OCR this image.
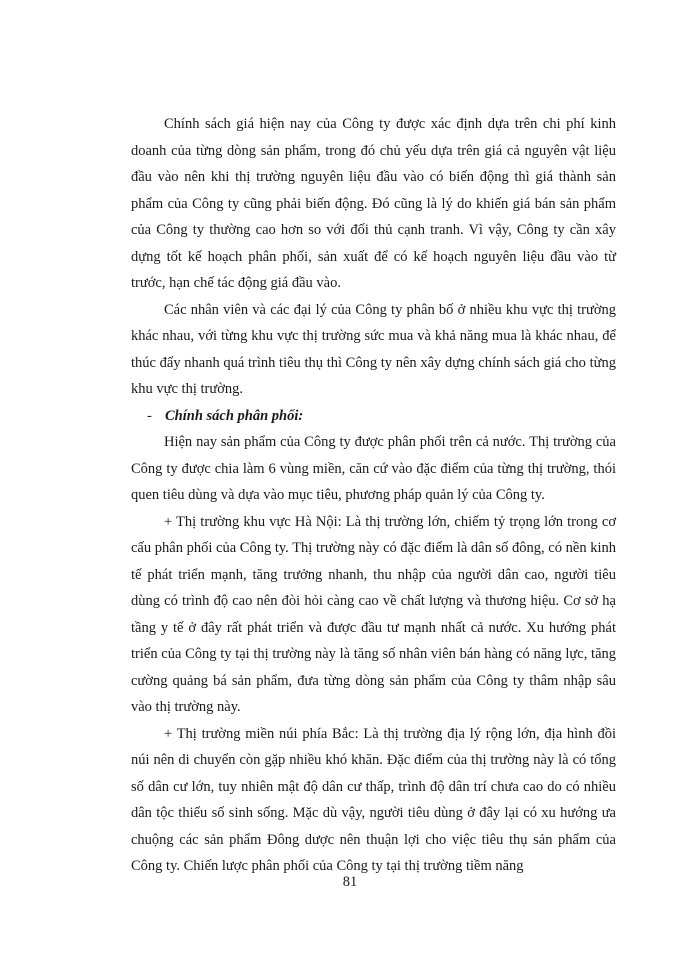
Chính sách giá hiện nay của Công ty được xác định dựa trên chi phí kinh doanh của từng dòng sản phẩm, trong đó chủ yếu dựa trên giá cả nguyên vật liệu đầu vào nên khi thị trường nguyên liệu đầu vào có biến động thì giá thành sản phẩm của Công ty cũng phải biến động. Đó cũng là lý do khiến giá bán sản phẩm của Công ty thường cao hơn so với đối thủ cạnh tranh. Vì vậy, Công ty cần xây dựng tốt kế hoạch phân phối, sản xuất để có kế hoạch nguyên liệu đầu vào từ trước, hạn chế tác động giá đầu vào.

Các nhân viên và các đại lý của Công ty phân bố ở nhiều khu vực thị trường khác nhau, với từng khu vực thị trường sức mua và khả năng mua là khác nhau, để thúc đẩy nhanh quá trình tiêu thụ thì Công ty nên xây dựng chính sách giá cho từng khu vực thị trường.

- Chính sách phân phối:

Hiện nay sản phẩm của Công ty được phân phối trên cả nước. Thị trường của Công ty được chia làm 6 vùng miền, căn cứ vào đặc điểm của từng thị trường, thói quen tiêu dùng và dựa vào mục tiêu, phương pháp quản lý của Công ty.

+ Thị trường khu vực Hà Nội: Là thị trường lớn, chiếm tỷ trọng lớn trong cơ cấu phân phối của Công ty. Thị trường này có đặc điểm là dân số đông, có nền kinh tế phát triển mạnh, tăng trưởng nhanh, thu nhập của người dân cao, người tiêu dùng có trình độ cao nên đòi hỏi càng cao về chất lượng và thương hiệu. Cơ sở hạ tầng y tế ở đây rất phát triển và được đầu tư mạnh nhất cả nước. Xu hướng phát triển của Công ty tại thị trường này là tăng số nhân viên bán hàng có năng lực, tăng cường quảng bá sản phẩm, đưa từng dòng sản phẩm của Công ty thâm nhập sâu vào thị trường này.

+ Thị trường miền núi phía Bắc: Là thị trường địa lý rộng lớn, địa hình đồi núi nên di chuyển còn gặp nhiều khó khăn. Đặc điểm của thị trường này là có tổng số dân cư lớn, tuy nhiên mật độ dân cư thấp, trình độ dân trí chưa cao do có nhiều dân tộc thiểu số sinh sống. Mặc dù vậy, người tiêu dùng ở đây lại có xu hướng ưa chuộng các sản phẩm Đông dược nên thuận lợi cho việc tiêu thụ sản phẩm của Công ty. Chiến lược phân phối của Công ty tại thị trường tiềm năng

81
